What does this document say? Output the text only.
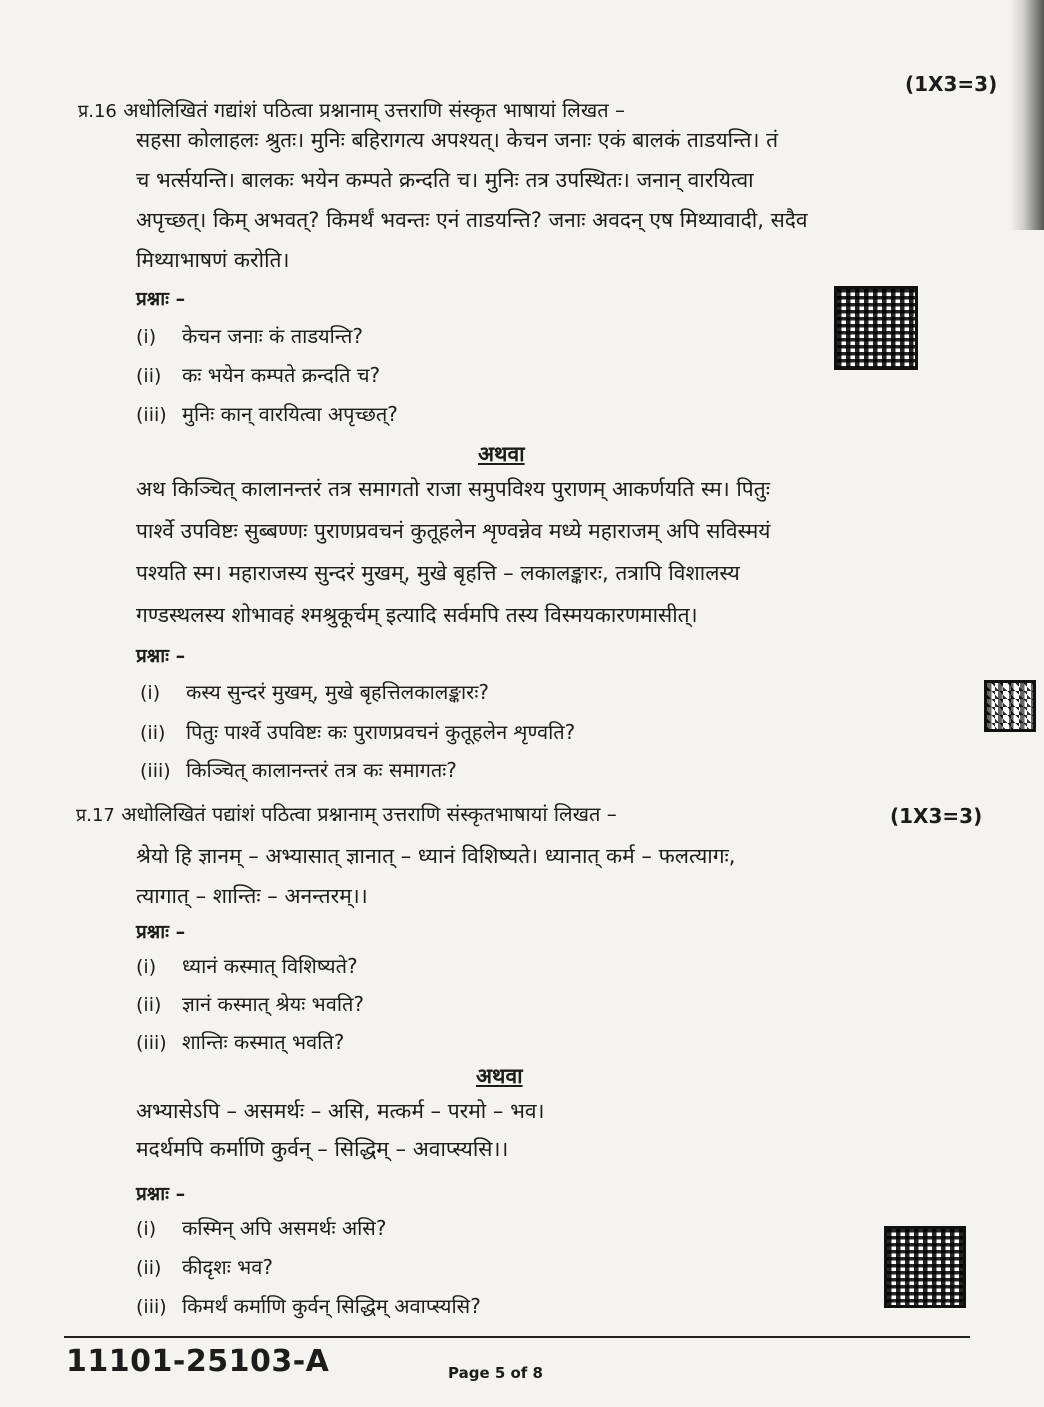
प्र.16 अधोलिखितं गद्यांशं पठित्वा प्रश्नानाम् उत्तराणि संस्कृत भाषायां लिखत –
(1X3=3)
सहसा कोलाहलः श्रुतः। मुनिः बहिरागत्य अपश्यत्। केचन जनाः एकं बालकं ताडयन्ति। तं
च भर्त्सयन्ति। बालकः भयेन कम्पते क्रन्दति च। मुनिः तत्र उपस्थितः। जनान् वारयित्वा
अपृच्छत्। किम् अभवत्? किमर्थं भवन्तः एनं ताडयन्ति? जनाः अवदन् एष मिथ्यावादी, सदैव
मिथ्याभाषणं करोति।
प्रश्नाः –
(i) केचन जनाः कं ताडयन्ति?
(ii) कः भयेन कम्पते क्रन्दति च?
(iii) मुनिः कान् वारयित्वा अपृच्छत्?
अथवा
अथ किञ्चित् कालानन्तरं तत्र समागतो राजा समुपविश्य पुराणम् आकर्णयति स्म। पितुः
पार्श्वे उपविष्टः सुब्बण्णः पुराणप्रवचनं कुतूहलेन शृण्वन्नेव मध्ये महाराजम् अपि सविस्मयं
पश्यति स्म। महाराजस्य सुन्दरं मुखम्, मुखे बृहत्ति – लकालङ्कारः, तत्रापि विशालस्य
गण्डस्थलस्य शोभावहं श्मश्रुकूर्चम् इत्यादि सर्वमपि तस्य विस्मयकारणमासीत्।
प्रश्नाः –
(i) कस्य सुन्दरं मुखम्, मुखे बृहत्तिलकालङ्कारः?
(ii) पितुः पार्श्वे उपविष्टः कः पुराणप्रवचनं कुतूहलेन शृण्वति?
(iii) किञ्चित् कालानन्तरं तत्र कः समागतः?
प्र.17 अधोलिखितं पद्यांशं पठित्वा प्रश्नानाम् उत्तराणि संस्कृतभाषायां लिखत –	(1X3=3)
श्रेयो हि ज्ञानम् – अभ्यासात् ज्ञानात् – ध्यानं विशिष्यते। ध्यानात् कर्म – फलत्यागः,
त्यागात् – शान्तिः – अनन्तरम्।।
प्रश्नाः –
(i) ध्यानं कस्मात् विशिष्यते?
(ii) ज्ञानं कस्मात् श्रेयः भवति?
(iii) शान्तिः कस्मात् भवति?
अथवा
अभ्यासेऽपि – असमर्थः – असि, मत्कर्म – परमो – भव।
मदर्थमपि कर्माणि कुर्वन् – सिद्धिम् – अवाप्स्यसि।।
प्रश्नाः –
(i) कस्मिन् अपि असमर्थः असि?
(ii) कीदृशः भव?
(iii) किमर्थं कर्माणि कुर्वन् सिद्धिम् अवाप्स्यसि?
11101-25103-A	Page 5 of 8
